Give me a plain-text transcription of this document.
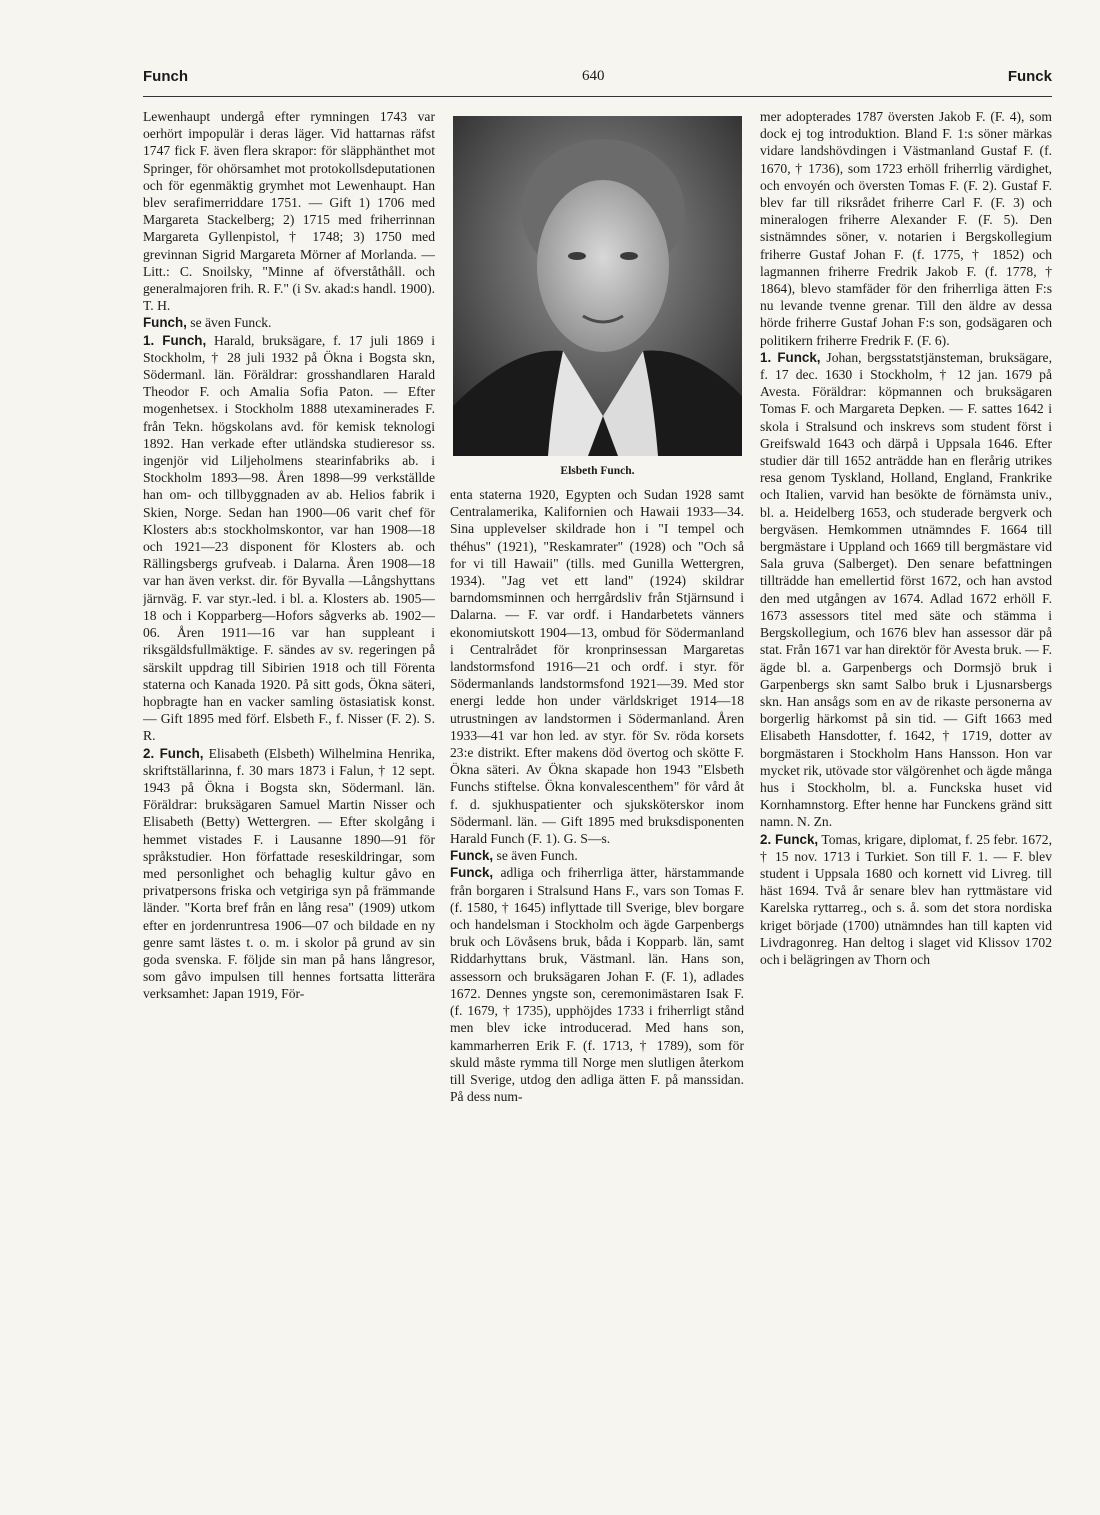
Funch	640	Funck

Lewenhaupt undergå efter rymningen 1743 var oerhört impopulär i deras läger. Vid hattarnas räfst 1747 fick F. även flera skrapor: för släpphänthet mot Springer, för ohörsamhet mot protokollsdeputationen och för egenmäktig grymhet mot Lewenhaupt. Han blev serafimerriddare 1751. — Gift 1) 1706 med Margareta Stackelberg; 2) 1715 med friherrinnan Margareta Gyllenpistol, † 1748; 3) 1750 med grevinnan Sigrid Margareta Mörner af Morlanda. — Litt.: C. Snoilsky, "Minne af öfverståthåll. och generalmajoren frih. R. F." (i Sv. akad:s handl. 1900). T. H.

Funch, se även Funck.

1. Funch, Harald, bruksägare, f. 17 juli 1869 i Stockholm, † 28 juli 1932 på Ökna i Bogsta skn, Södermanl. län. Föräldrar: grosshandlaren Harald Theodor F. och Amalia Sofia Paton. — Efter mogenhetsex. i Stockholm 1888 utexaminerades F. från Tekn. högskolans avd. för kemisk teknologi 1892. Han verkade efter utländska studieresor ss. ingenjör vid Liljeholmens stearinfabriks ab. i Stockholm 1893—98. Åren 1898—99 verkställde han om- och tillbyggnaden av ab. Helios fabrik i Skien, Norge. Sedan han 1900—06 varit chef för Klosters ab:s stockholmskontor, var han 1908—18 och 1921—23 disponent för Klosters ab. och Rällingsbergs grufveab. i Dalarna. Åren 1908—18 var han även verkst. dir. för Byvalla —Långshyttans järnväg. F. var styr.-led. i bl. a. Klosters ab. 1905—18 och i Kopparberg—Hofors sågverks ab. 1902—06. Åren 1911—16 var han suppleant i riksgäldsfullmäktige. F. sändes av sv. regeringen på särskilt uppdrag till Sibirien 1918 och till Förenta staterna och Kanada 1920. På sitt gods, Ökna säteri, hopbragte han en vacker samling östasiatisk konst. — Gift 1895 med förf. Elsbeth F., f. Nisser (F. 2). S. R.

2. Funch, Elisabeth (Elsbeth) Wilhelmina Henrika, skriftställarinna, f. 30 mars 1873 i Falun, † 12 sept. 1943 på Ökna i Bogsta skn, Södermanl. län. Föräldrar: bruksägaren Samuel Martin Nisser och Elisabeth (Betty) Wettergren. — Efter skolgång i hemmet vistades F. i Lausanne 1890—91 för språkstudier. Hon författade reseskildringar, som med personlighet och behaglig kultur gåvo en privatpersons friska och vetgiriga syn på främmande länder. "Korta bref från en lång resa" (1909) utkom efter en jordenruntresa 1906—07 och bildade en ny genre samt lästes t. o. m. i skolor på grund av sin goda svenska. F. följde sin man på hans långresor, som gåvo impulsen till hennes fortsatta litterära verksamhet: Japan 1919, För-

Elsbeth Funch.

enta staterna 1920, Egypten och Sudan 1928 samt Centralamerika, Kalifornien och Hawaii 1933—34. Sina upplevelser skildrade hon i "I tempel och théhus" (1921), "Reskamrater" (1928) och "Och så for vi till Hawaii" (tills. med Gunilla Wettergren, 1934). "Jag vet ett land" (1924) skildrar barndomsminnen och herrgårdsliv från Stjärnsund i Dalarna. — F. var ordf. i Handarbetets vänners ekonomiutskott 1904—13, ombud för Södermanland i Centralrådet för kronprinsessan Margaretas landstormsfond 1916—21 och ordf. i styr. för Södermanlands landstormsfond 1921—39. Med stor energi ledde hon under världskriget 1914—18 utrustningen av landstormen i Södermanland. Åren 1933—41 var hon led. av styr. för Sv. röda korsets 23:e distrikt. Efter makens död övertog och skötte F. Ökna säteri. Av Ökna skapade hon 1943 "Elsbeth Funchs stiftelse. Ökna konvalescenthem" för vård åt f. d. sjukhuspatienter och sjuksköterskor inom Södermanl. län. — Gift 1895 med bruksdisponenten Harald Funch (F. 1). G. S—s.

Funck, se även Funch.

Funck, adliga och friherrliga ätter, härstammande från borgaren i Stralsund Hans F., vars son Tomas F. (f. 1580, † 1645) inflyttade till Sverige, blev borgare och handelsman i Stockholm och ägde Garpenbergs bruk och Lövåsens bruk, båda i Kopparb. län, samt Riddarhyttans bruk, Västmanl. län. Hans son, assessorn och bruksägaren Johan F. (F. 1), adlades 1672. Dennes yngste son, ceremonimästaren Isak F. (f. 1679, † 1735), upphöjdes 1733 i friherrligt stånd men blev icke introducerad. Med hans son, kammarherren Erik F. (f. 1713, † 1789), som för skuld måste rymma till Norge men slutligen återkom till Sverige, utdog den adliga ätten F. på manssidan. På dess num-

mer adopterades 1787 översten Jakob F. (F. 4), som dock ej tog introduktion. Bland F. 1:s söner märkas vidare landshövdingen i Västmanland Gustaf F. (f. 1670, † 1736), som 1723 erhöll friherrlig värdighet, och envoyén och översten Tomas F. (F. 2). Gustaf F. blev far till riksrådet friherre Carl F. (F. 3) och mineralogen friherre Alexander F. (F. 5). Den sistnämndes söner, v. notarien i Bergskollegium friherre Gustaf Johan F. (f. 1775, † 1852) och lagmannen friherre Fredrik Jakob F. (f. 1778, † 1864), blevo stamfäder för den friherrliga ätten F:s nu levande tvenne grenar. Till den äldre av dessa hörde friherre Gustaf Johan F:s son, godsägaren och politikern friherre Fredrik F. (F. 6).

1. Funck, Johan, bergsstatstjänsteman, bruksägare, f. 17 dec. 1630 i Stockholm, † 12 jan. 1679 på Avesta. Föräldrar: köpmannen och bruksägaren Tomas F. och Margareta Depken. — F. sattes 1642 i skola i Stralsund och inskrevs som student först i Greifswald 1643 och därpå i Uppsala 1646. Efter studier där till 1652 anträdde han en flerårig utrikes resa genom Tyskland, Holland, England, Frankrike och Italien, varvid han besökte de förnämsta univ., bl. a. Heidelberg 1653, och studerade bergverk och bergväsen. Hemkommen utnämndes F. 1664 till bergmästare i Uppland och 1669 till bergmästare vid Sala gruva (Salberget). Den senare befattningen tillträdde han emellertid först 1672, och han avstod den med utgången av 1674. Adlad 1672 erhöll F. 1673 assessors titel med säte och stämma i Bergskollegium, och 1676 blev han assessor där på stat. Från 1671 var han direktör för Avesta bruk. — F. ägde bl. a. Garpenbergs och Dormsjö bruk i Garpenbergs skn samt Salbo bruk i Ljusnarsbergs skn. Han ansågs som en av de rikaste personerna av borgerlig härkomst på sin tid. — Gift 1663 med Elisabeth Hansdotter, f. 1642, † 1719, dotter av borgmästaren i Stockholm Hans Hansson. Hon var mycket rik, utövade stor välgörenhet och ägde många hus i Stockholm, bl. a. Funckska huset vid Kornhamnstorg. Efter henne har Funckens gränd sitt namn. N. Zn.

2. Funck, Tomas, krigare, diplomat, f. 25 febr. 1672, † 15 nov. 1713 i Turkiet. Son till F. 1. — F. blev student i Uppsala 1680 och kornett vid Livreg. till häst 1694. Två år senare blev han ryttmästare vid Karelska ryttarreg., och s. å. som det stora nordiska kriget började (1700) utnämndes han till kapten vid Livdragonreg. Han deltog i slaget vid Klissov 1702 och i belägringen av Thorn och
